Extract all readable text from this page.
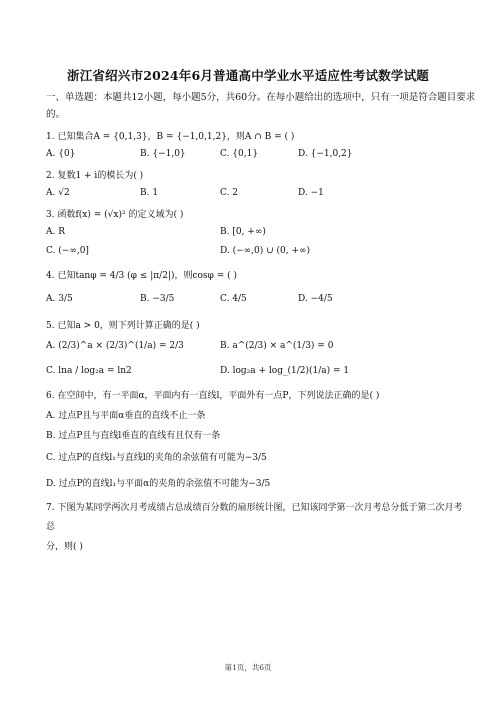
浙江省绍兴市2024年6月普通高中学业水平适应性考试数学试题
一、单选题：本题共12小题，每小题5分，共60分。在每小题给出的选项中，只有一项是符合题目要求
的。
1. 已知集合A = {0,1,3}，B = {−1,0,1,2}，则A ∩ B = ( )
A. {0}	B. {−1,0}	C. {0,1}	D. {−1,0,2}
2. 复数1 + i的模长为( )
A. √2	B. 1	C. 2	D. −1
3. 函数f(x) = (√x)² 的定义域为( )
A. R	B. [0, +∞)
C. (−∞,0]	D. (−∞,0) ∪ (0, +∞)
4. 已知tanφ = 4/3 (φ ≤ |π/2|)，则cosφ = ( )
A. 3/5	B. −3/5	C. 4/5	D. −4/5
5. 已知a > 0，则下列计算正确的是( )
A. (2/3)^a × (2/3)^(1/a) = 2/3	B. a^(2/3) × a^(1/3) = 0
C. lna / log₂a = ln2	D. log₂a + log_(1/2)(1/a) = 1
6. 在空间中，有一平面α，平面内有一直线l，平面外有一点P，下列说法正确的是( )
A. 过点P且与平面α垂直的直线不止一条
B. 过点P且与直线l垂直的直线有且仅有一条
C. 过点P的直线l₁与直线l的夹角的余弦值有可能为−3/5
D. 过点P的直线l₁与平面α的夹角的余弦值不可能为−3/5
7. 下图为某同学两次月考成绩占总成绩百分数的扇形统计图，已知该同学第一次月考总分低于第二次月考
总
分，则( )
第1页，共6页
